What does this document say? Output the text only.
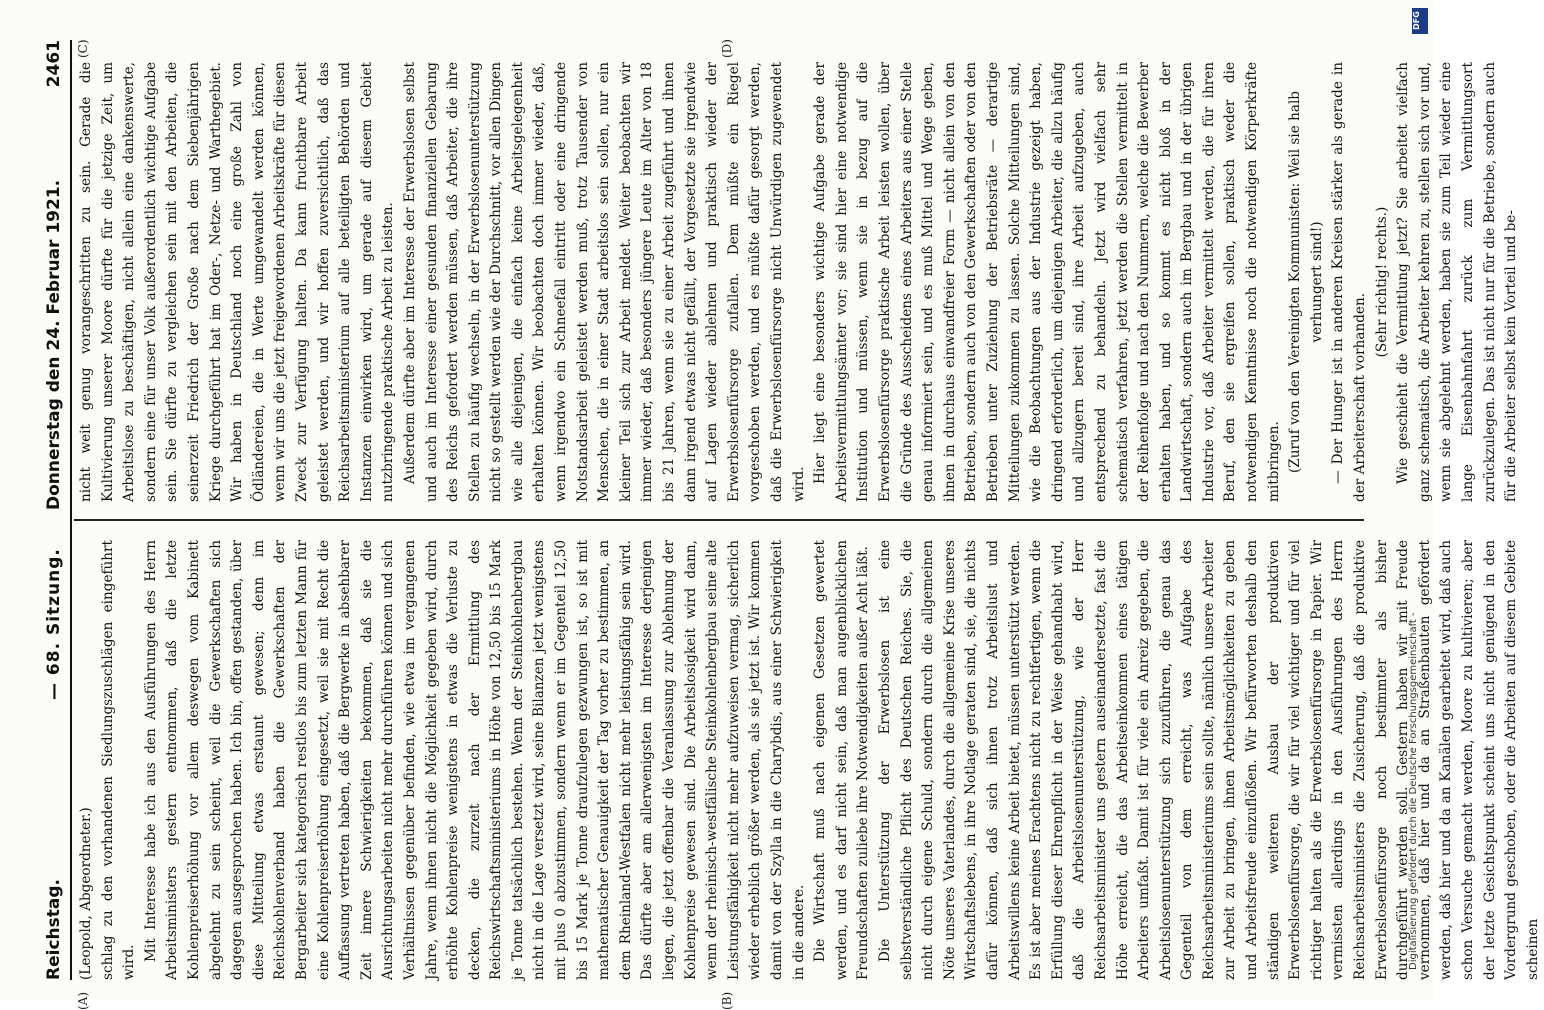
Reichstag.
— 68. Sitzung.
Donnerstag den 24. Februar 1921.
2461

(Leopold, Abgeordneter.) schlag zu den vorhandenen Siedlungszuschlägen eingeführt wird.

Mit Interesse habe ich aus den Ausführungen des Herrn Arbeitsministers gestern entnommen, daß die letzte Kohlenpreiserhöhung vor allem deswegen vom Kabinett abgelehnt zu sein scheint, weil die Gewerkschaften sich dagegen ausgesprochen haben. Ich bin, offen gestanden, über diese Mitteilung etwas erstaunt gewesen; denn im Reichskohlenverband haben die Gewerkschaften der Bergarbeiter sich kategorisch restlos bis zum letzten Mann für eine Kohlenpreiserhöhung eingesetzt, weil sie mit Recht die Auffassung vertreten haben, daß die Bergwerke in absehbarer Zeit innere Schwierigkeiten bekommen, daß sie die Ausrichtungsarbeiten nicht mehr durchführen können und sich Verhältnissen gegenüber befinden, wie etwa im vergangenen Jahre, wenn ihnen nicht die Möglichkeit gegeben wird, durch erhöhte Kohlenpreise wenigstens in etwas die Verluste zu decken, die zurzeit nach der Ermittlung des Reichswirtschaftsministeriums in Höhe von 12,50 bis 15 Mark je Tonne tatsächlich bestehen. Wenn der Steinkohlenbergbau nicht in die Lage versetzt wird, seine Bilanzen jetzt wenigstens mit plus 0 abzustimmen, sondern wenn er im Gegenteil 12,50 bis 15 Mark je Tonne draufzulegen gezwungen ist, so ist mit mathematischer Genauigkeit der Tag vorher zu bestimmen, an dem Rheinland-Westfalen nicht mehr leistungsfähig sein wird. Das dürfte aber am allerwenigsten im Interesse derjenigen liegen, die jetzt offenbar die Veranlassung zur Ablehnung der Kohlenpreise gewesen sind. Die Arbeitslosigkeit wird dann, wenn der rheinisch-westfälische Steinkohlenbergbau seine alte Leistungsfähigkeit nicht mehr aufzuweisen vermag, sicherlich wieder erheblich größer werden, als sie jetzt ist. Wir kommen damit von der Szylla in die Charybdis, aus einer Schwierigkeit in die andere. Die Wirtschaft muß nach eigenen Gesetzen gewertet werden, und es darf nicht sein, daß man augenblicklichen Freundschaften zuliebe ihre Notwendigkeiten außer Acht läßt. Die Unterstützung der Erwerbslosen ist eine selbstverständliche Pflicht des Deutschen Reiches. Sie, die nicht durch eigene Schuld, sondern durch die allgemeinen Nöte unseres Vaterlandes, durch die allgemeine Krise unseres Wirtschaftslebens, in ihre Notlage geraten sind, sie, die nichts dafür können, daß sich ihnen trotz Arbeitslust und Arbeitswillens keine Arbeit bietet, müssen unterstützt werden. Es ist aber meines Erachtens nicht zu rechtfertigen, wenn die Erfüllung dieser Ehrenpflicht in der Weise gehandhabt wird, daß die Arbeitslosenunterstützung, wie der Herr Reichsarbeitsminister uns gestern auseinandersetzte, fast die Höhe erreicht, die das Arbeitseinkommen eines tätigen Arbeiters umfaßt. Damit ist für viele ein Anreiz gegeben, die Arbeitslosenunterstützung sich zuzuführen, die genau das Gegenteil von dem erreicht, was Aufgabe des Reichsarbeitsministeriums sein sollte, nämlich unsere Arbeiter zur Arbeit zu bringen, ihnen Arbeitsmöglichkeiten zu geben und Arbeitsfreude einzuflößen. Wir befürworten deshalb den ständigen weiteren Ausbau der produktiven Erwerbslosenfürsorge, die wir für viel wichtiger und für viel richtiger halten als die Erwerbslosenfürsorge in Papier. Wir vermissten allerdings in den Ausführungen des Herrn Reichsarbeitsministers die Zusicherung, daß die produktive Erwerbslosenfürsorge noch bestimmter als bisher durchgeführt werden soll. Gestern haben wir mit Freude vernommen, daß hier und da an Straßenbauten gefördert werden, daß hier und da an Kanälen gearbeitet wird, daß auch schon Versuche gemacht werden, Moore zu kultivieren; aber der letzte Gesichtspunkt scheint uns nicht genügend in den Vordergrund geschoben, oder die Arbeiten auf diesem Gebiete scheinen

nicht weit genug vorangeschritten zu sein. Gerade die Kultivierung unserer Moore dürfte für die jetzige Zeit, um Arbeitslose zu beschäftigen, nicht allein eine dankenswerte, sondern eine für unser Volk außerordentlich wichtige Aufgabe sein. Sie dürfte zu vergleichen sein mit den Arbeiten, die seinerzeit Friedrich der Große nach dem Siebenjährigen Kriege durchgeführt hat im Oder-, Netze- und Warthegebiet. Wir haben in Deutschland noch eine große Zahl von Ödländereien, die in Werte umgewandelt werden können, wenn wir uns die jetzt freigewordenen Arbeitskräfte für diesen Zweck zur Verfügung halten. Da kann fruchtbare Arbeit geleistet werden, und wir hoffen zuversichtlich, daß das Reichsarbeitsministerium auf alle beteiligten Behörden und Instanzen einwirken wird, um gerade auf diesem Gebiet nutzbringende praktische Arbeit zu leisten. Außerdem dürfte aber im Interesse der Erwerbslosen selbst und auch im Interesse einer gesunden finanziellen Gebarung des Reichs gefordert werden müssen, daß Arbeiter, die ihre Stellen zu häufig wechseln, in der Erwerbslosenunterstützung nicht so gestellt werden wie der Durchschnitt, vor allen Dingen wie alle diejenigen, die einfach keine Arbeitsgelegenheit erhalten können. Wir beobachten doch immer wieder, daß, wenn irgendwo ein Schneefall eintritt oder eine dringende Notstandsarbeit geleistet werden muß, trotz Tausender von Menschen, die in einer Stadt arbeitslos sein sollen, nur ein kleiner Teil sich zur Arbeit meldet. Weiter beobachten wir immer wieder, daß besonders jüngere Leute im Alter von 18 bis 21 Jahren, wenn sie zu einer Arbeit zugeführt und ihnen dann irgend etwas nicht gefällt, der Vorgesetzte sie irgendwie auf Lagen wieder ablehnen und praktisch wieder der Erwerbslosenfürsorge zufallen. Dem müßte ein Riegel vorgeschoben werden, und es müßte dafür gesorgt werden, daß die Erwerbslosenfürsorge nicht Unwürdigen zugewendet wird.

Hier liegt eine besonders wichtige Aufgabe gerade der Arbeitsvermittlungsämter vor; sie sind hier eine notwendige Institution und müssen, wenn sie in bezug auf die Erwerbslosenfürsorge praktische Arbeit leisten wollen, über die Gründe des Ausscheidens eines Arbeiters aus einer Stelle genau informiert sein, und es muß Mittel und Wege geben, ihnen in durchaus einwandfreier Form — nicht allein von den Betrieben, sondern auch von den Gewerkschaften oder von den Betrieben unter Zuziehung der Betriebsräte — derartige Mitteilungen zukommen zu lassen. Solche Mitteilungen sind, wie die Beobachtungen aus der Industrie gezeigt haben, dringend erforderlich, um diejenigen Arbeiter, die allzu häufig und allzugern bereit sind, ihre Arbeit aufzugeben, auch entsprechend zu behandeln. Jetzt wird vielfach sehr schematisch verfahren, jetzt werden die Stellen vermittelt in der Reihenfolge und nach den Nummern, welche die Bewerber erhalten haben, und so kommt es nicht bloß in der Landwirtschaft, sondern auch im Bergbau und in der übrigen Industrie vor, daß Arbeiter vermittelt werden, die für ihren Beruf, den sie ergreifen sollen, praktisch weder die notwendigen Kenntnisse noch die notwendigen Körperkräfte mitbringen. (Zuruf von den Vereinigten Kommunisten: Weil sie halb verhungert sind!) — Der Hunger ist in anderen Kreisen stärker als gerade in der Arbeiterschaft vorhanden.

(Sehr richtig! rechts.) Wie geschieht die Vermittlung jetzt? Sie arbeitet vielfach ganz schematisch, die Arbeiter kehren zu, stellen sich vor und, wenn sie abgelehnt werden, haben sie zum Teil wieder eine lange Eisenbahnfahrt zurück zum Vermittlungsort zurückzulegen. Das ist nicht nur für die Betriebe, sondern auch für die Arbeiter selbst kein Vorteil und be-

(A)	(B)
(C)	(D)
DFG
Digitalisierung gefördert durch die Deutsche Forschungsgemeinschaft -
